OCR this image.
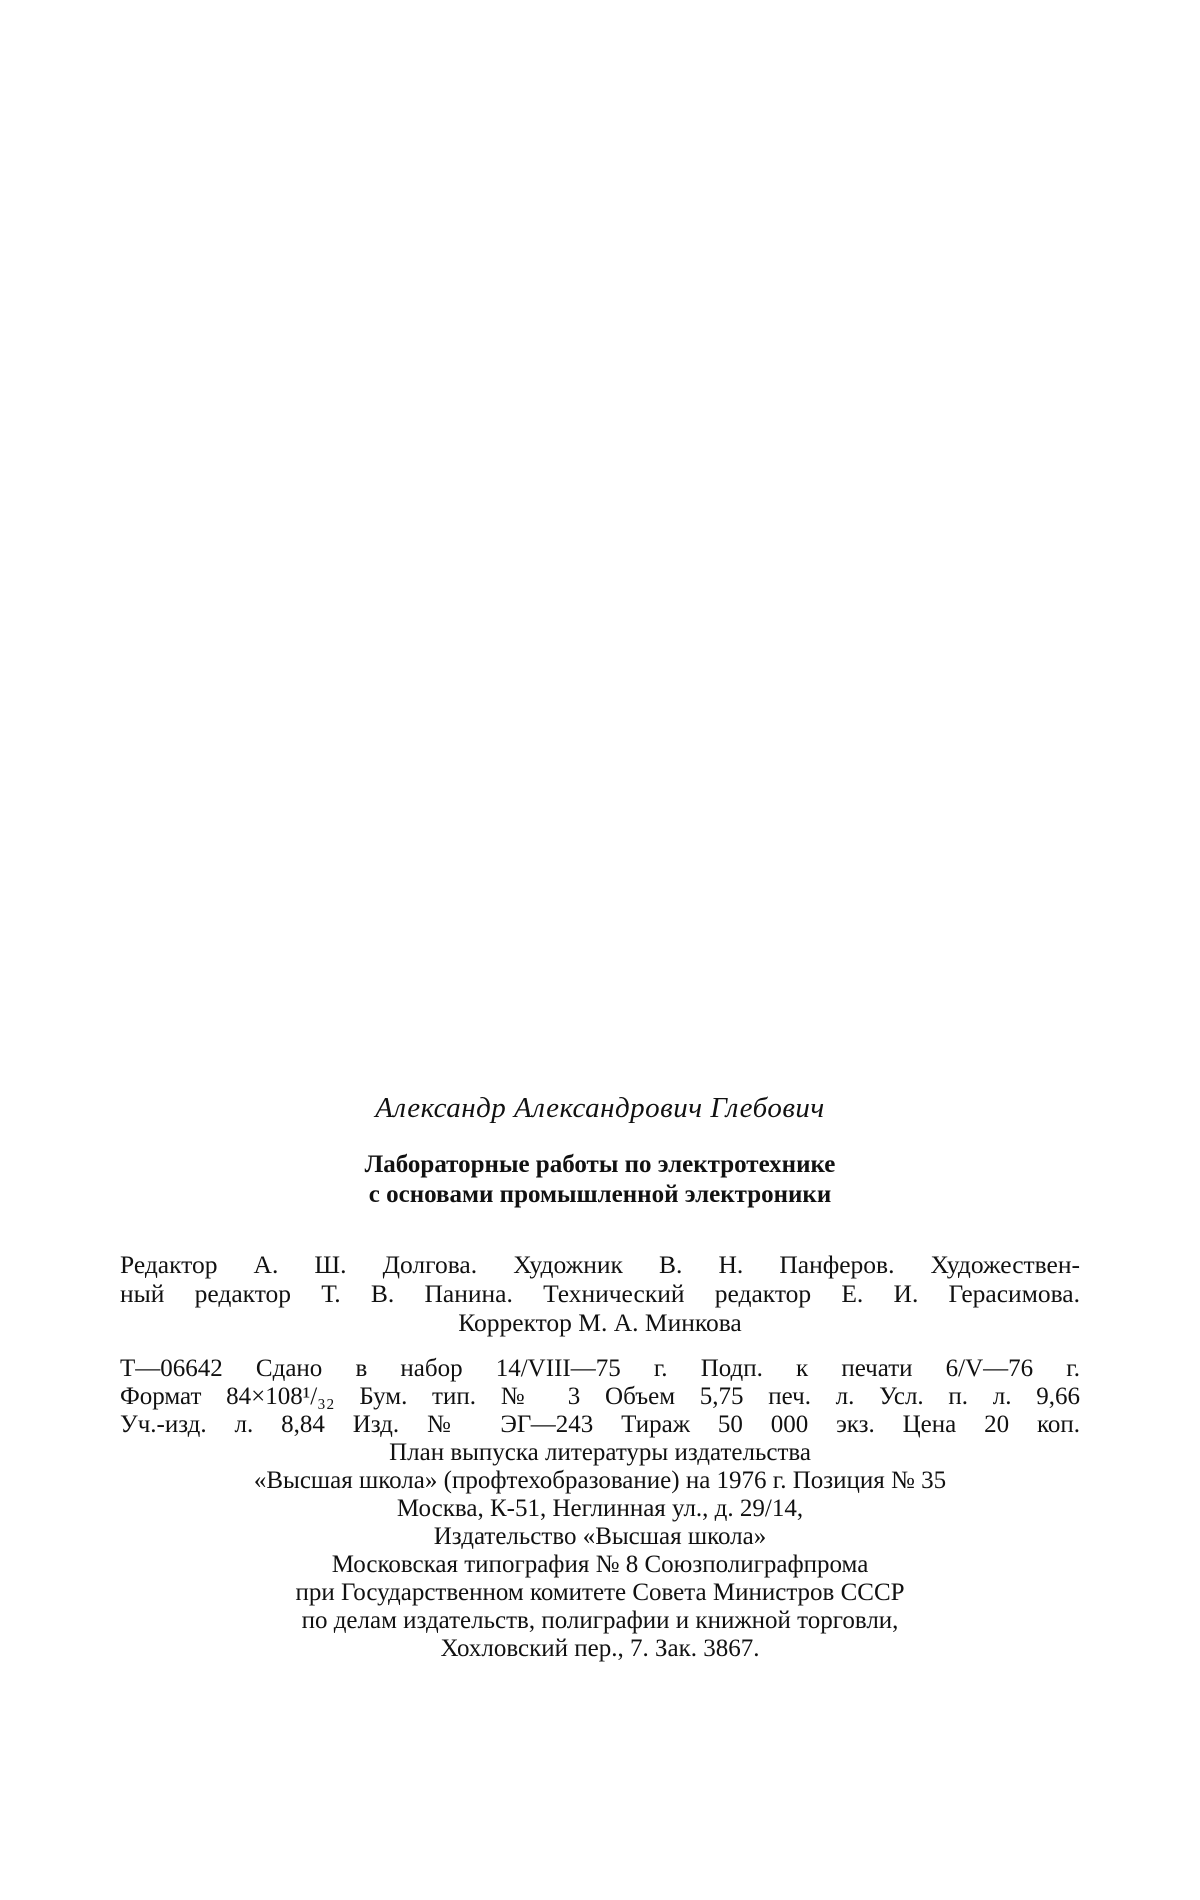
Александр Александрович Глебович
Лабораторные работы по электротехнике
с основами промышленной электроники
Редактор А. Ш. Долгова. Художник В. Н. Панферов. Художествен-
ный редактор Т. В. Панина. Технический редактор Е. И. Герасимова.
Корректор М. А. Минкова
Т—06642 Сдано в набор 14/VIII—75 г. Подп. к печати 6/V—76 г.
Формат 84×108¹/₃₂ Бум. тип. № 3 Объем 5,75 печ. л. Усл. п. л. 9,66
Уч.-изд. л. 8,84 Изд. № ЭГ—243 Тираж 50 000 экз. Цена 20 коп.
План выпуска литературы издательства
«Высшая школа» (профтехобразование) на 1976 г. Позиция № 35
Москва, К-51, Неглинная ул., д. 29/14,
Издательство «Высшая школа»
Московская типография № 8 Союзполиграфпрома
при Государственном комитете Совета Министров СССР
по делам издательств, полиграфии и книжной торговли,
Хохловский пер., 7. Зак. 3867.
